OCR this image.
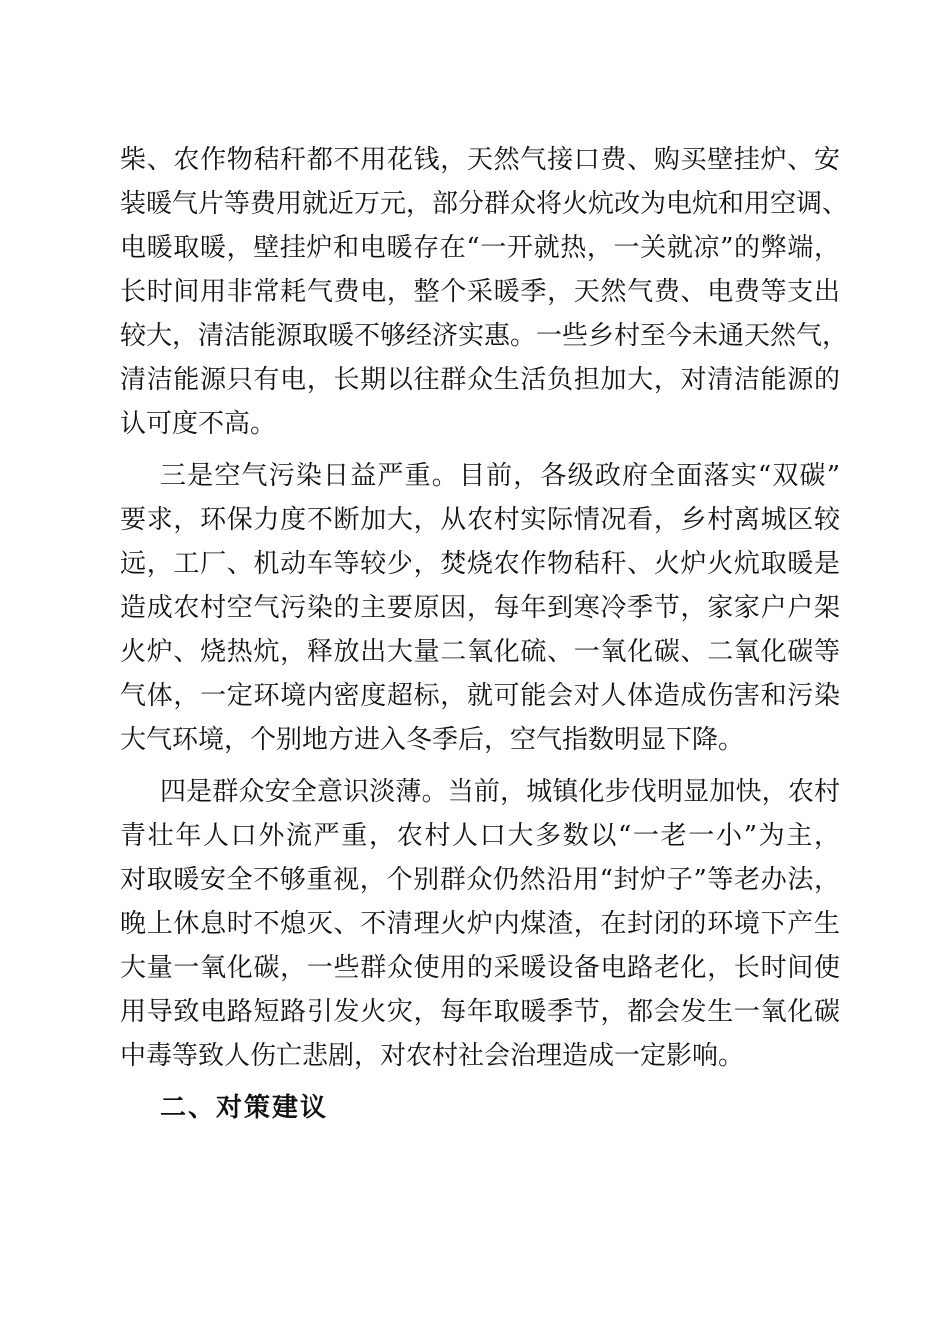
柴、农作物秸秆都不用花钱，天然气接口费、购买壁挂炉、安
装暖气片等费用就近万元，部分群众将火炕改为电炕和用空调、
电暖取暖，壁挂炉和电暖存在“一开就热，一关就凉”的弊端，
长时间用非常耗气费电，整个采暖季，天然气费、电费等支出
较大，清洁能源取暖不够经济实惠。一些乡村至今未通天然气，
清洁能源只有电，长期以往群众生活负担加大，对清洁能源的
认可度不高。
三是空气污染日益严重。目前，各级政府全面落实“双碳”
要求，环保力度不断加大，从农村实际情况看，乡村离城区较
远，工厂、机动车等较少，焚烧农作物秸秆、火炉火炕取暖是
造成农村空气污染的主要原因，每年到寒冷季节，家家户户架
火炉、烧热炕，释放出大量二氧化硫、一氧化碳、二氧化碳等
气体，一定环境内密度超标，就可能会对人体造成伤害和污染
大气环境，个别地方进入冬季后，空气指数明显下降。
四是群众安全意识淡薄。当前，城镇化步伐明显加快，农村
青壮年人口外流严重，农村人口大多数以“一老一小”为主，
对取暖安全不够重视，个别群众仍然沿用“封炉子”等老办法，
晚上休息时不熄灭、不清理火炉内煤渣，在封闭的环境下产生
大量一氧化碳，一些群众使用的采暖设备电路老化，长时间使
用导致电路短路引发火灾，每年取暖季节，都会发生一氧化碳
中毒等致人伤亡悲剧，对农村社会治理造成一定影响。
二、对策建议
